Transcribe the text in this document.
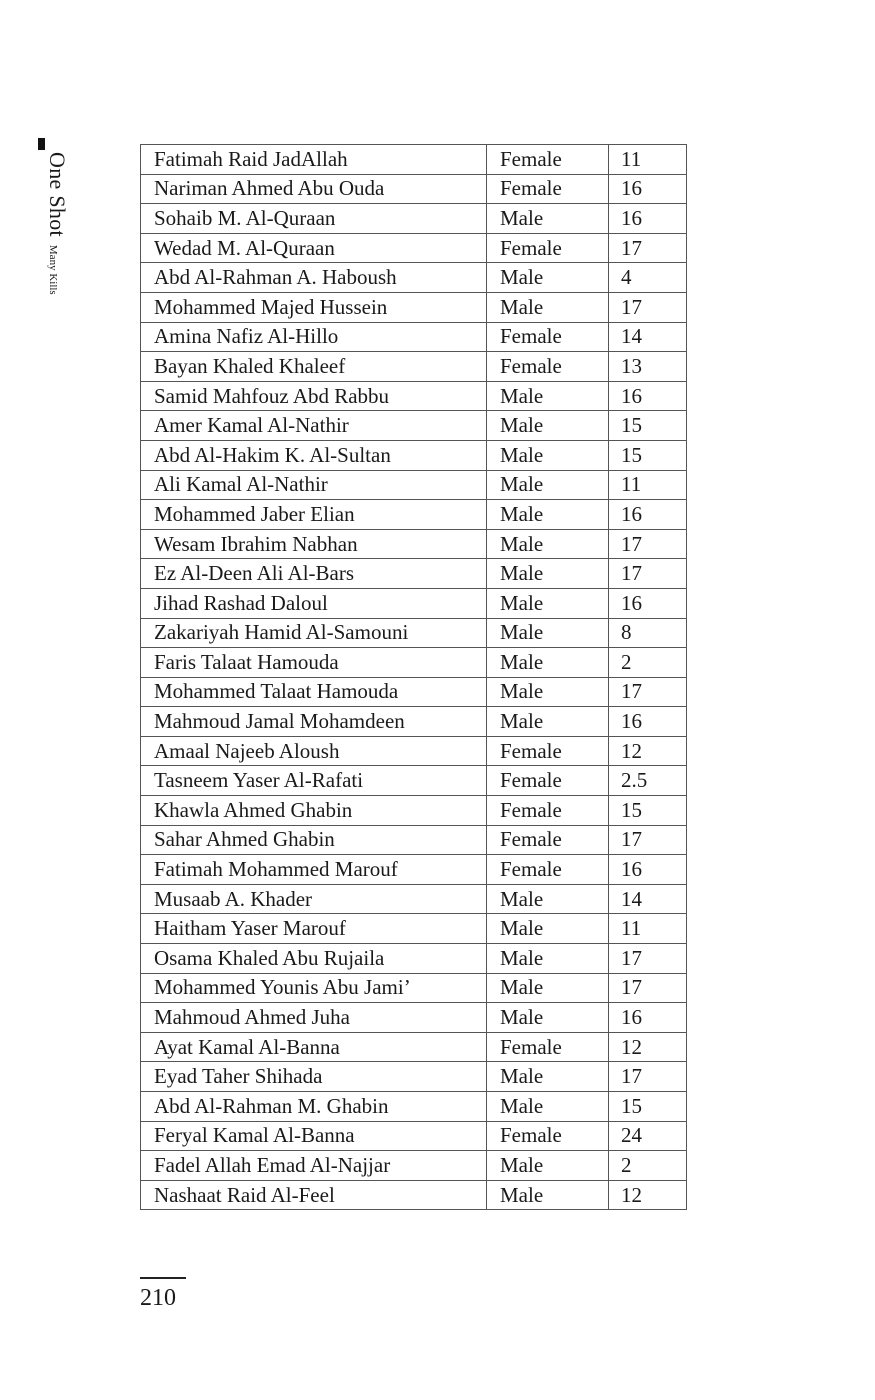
One ShotMany Kills
Fatimah Raid JadAllah	Female	11
Nariman Ahmed Abu Ouda	Female	16
Sohaib M. Al-Quraan	Male	16
Wedad M. Al-Quraan	Female	17
Abd Al-Rahman A. Haboush	Male	4
Mohammed Majed Hussein	Male	17
Amina Nafiz Al-Hillo	Female	14
Bayan Khaled Khaleef	Female	13
Samid Mahfouz Abd Rabbu	Male	16
Amer Kamal Al-Nathir	Male	15
Abd Al-Hakim K. Al-Sultan	Male	15
Ali Kamal Al-Nathir	Male	11
Mohammed Jaber Elian	Male	16
Wesam Ibrahim Nabhan	Male	17
Ez Al-Deen Ali Al-Bars	Male	17
Jihad Rashad Daloul	Male	16
Zakariyah Hamid Al-Samouni	Male	8
Faris Talaat Hamouda	Male	2
Mohammed Talaat Hamouda	Male	17
Mahmoud Jamal Mohamdeen	Male	16
Amaal Najeeb Aloush	Female	12
Tasneem Yaser Al-Rafati	Female	2.5
Khawla Ahmed Ghabin	Female	15
Sahar Ahmed Ghabin	Female	17
Fatimah Mohammed Marouf	Female	16
Musaab A. Khader	Male	14
Haitham Yaser Marouf	Male	11
Osama Khaled Abu Rujaila	Male	17
Mohammed Younis Abu Jami’	Male	17
Mahmoud Ahmed Juha	Male	16
Ayat Kamal Al-Banna	Female	12
Eyad Taher Shihada	Male	17
Abd Al-Rahman M. Ghabin	Male	15
Feryal Kamal Al-Banna	Female	24
Fadel Allah Emad Al-Najjar	Male	2
Nashaat Raid Al-Feel	Male	12
210
